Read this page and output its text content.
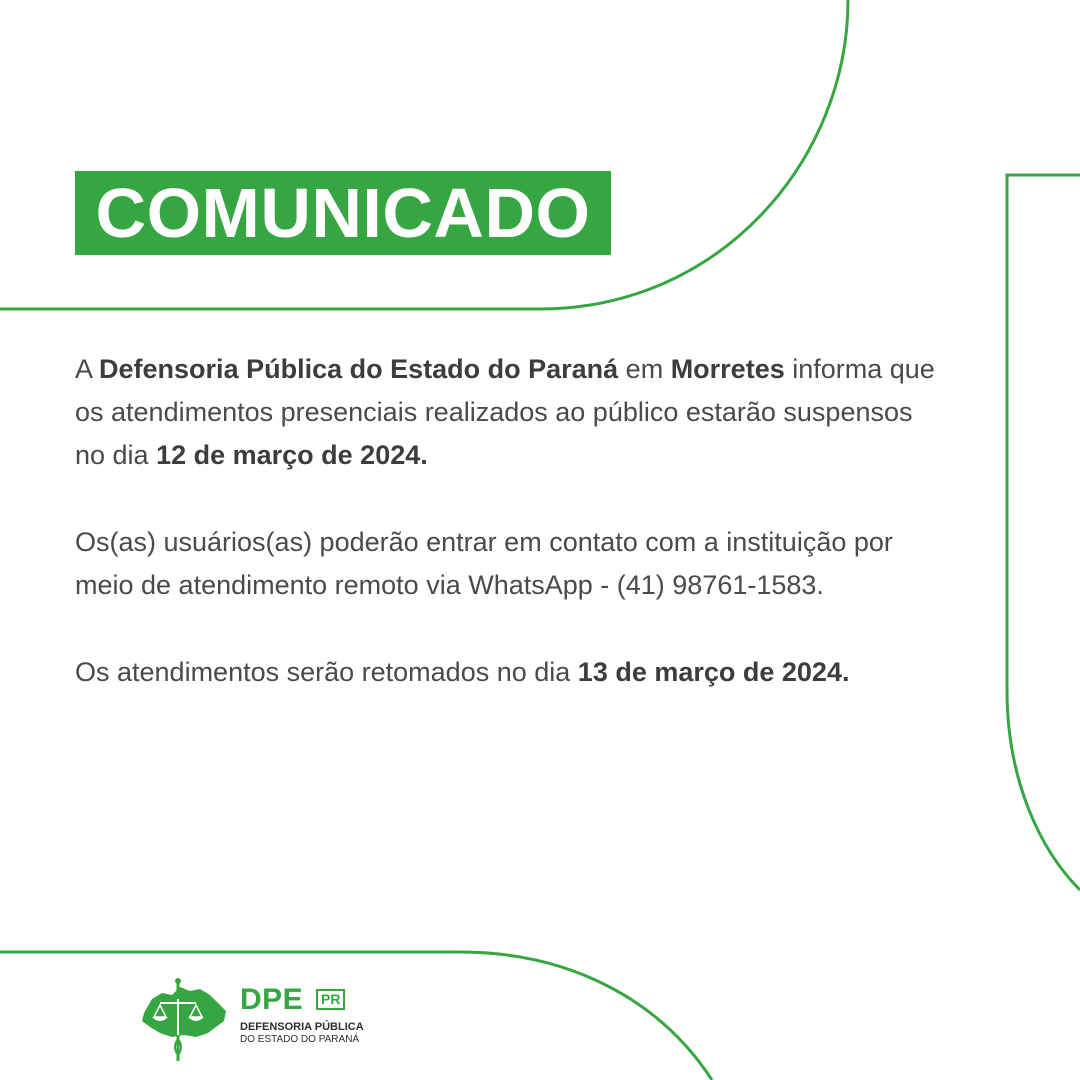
COMUNICADO

A Defensoria Pública do Estado do Paraná em Morretes informa que os atendimentos presenciais realizados ao público estarão suspensos no dia 12 de março de 2024.

Os(as) usuários(as) poderão entrar em contato com a instituição por meio de atendimento remoto via WhatsApp - (41) 98761-1583.

Os atendimentos serão retomados no dia 13 de março de 2024.

DPE	PR
DEFENSORIA PÚBLICA
DO ESTADO DO PARANÁ
